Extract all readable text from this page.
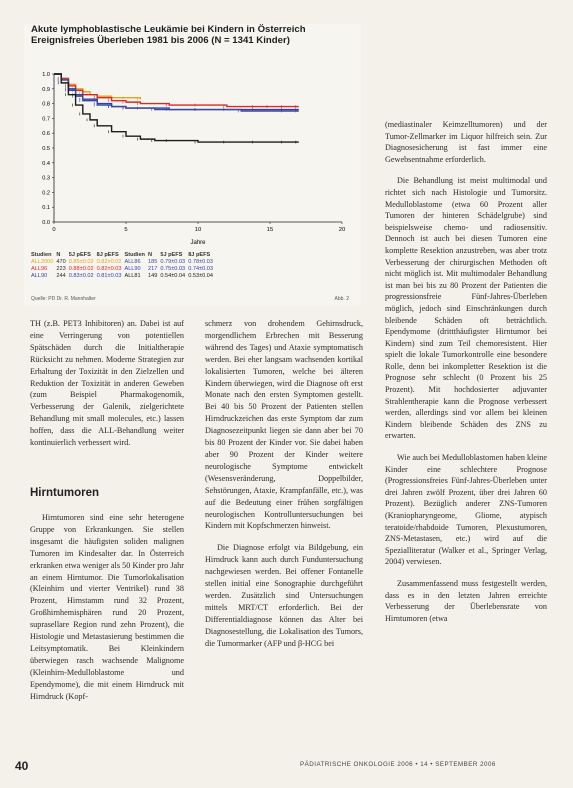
Akute lymphoblastische Leukämie bei Kindern in Österreich
Ereignisfreies Überleben 1981 bis 2006 (N = 1341 Kinder)
0.0
0.1
0.2
0.3
0.4
0.5
0.6
0.7
0.8
0.9
1.0
0	5	10	15	20
Jahre
Studien	N	5J pEFS	8J pEFS	Studien	N	5J pEFS	8J pEFS
ALL2000	470	0.85±0.02	0.82±0.02	ALL86	185	0.79±0.03	0.78±0.03
ALL96	223	0.88±0.02	0.82±0.03	ALL90	217	0.75±0.03	0.74±0.03
ALL90	244	0.83±0.02	0.81±0.03	ALL81	149	0.54±0.04	0.53±0.04
Quelle: PD Dr. R. Mannhalter	Abb. 2

(mediastinaler Keimzelltumoren) und der Tumor-Zellmarker im Liquor hilfreich sein. Zur Diagnosesicherung ist fast immer eine Gewebsentnahme erforderlich.

Die Behandlung ist meist multimodal und richtet sich nach Histologie und Tumorsitz. Medulloblastome (etwa 60 Prozent aller Tumoren der hinteren Schädelgrube) sind beispielsweise chemo- und radiosensitiv. Dennoch ist auch bei diesen Tumoren eine komplette Resektion anzustreben, was aber trotz Verbesserung der chirurgischen Methoden oft nicht möglich ist. Mit multimodaler Behandlung ist man bei bis zu 80 Prozent der Patienten die progressionsfreie Fünf-Jahres-Überleben möglich, jedoch sind Einschränkungen durch bleibende Schäden oft beträchtlich. Ependymome (drittthäufigster Hirntumor bei Kindern) sind zum Teil chemoresistent. Hier spielt die lokale Tumorkontrolle eine besondere Rolle, denn bei inkompletter Resektion ist die Prognose sehr schlecht (0 Prozent bis 25 Prozent). Mit hochdosierter adjuvanter Strahlentherapie kann die Prognose verbessert werden, allerdings sind vor allem bei kleinen Kindern bleibende Schäden des ZNS zu erwarten.

Wie auch bei Medulloblastomen haben kleine Kinder eine schlechtere Prognose (Progressionsfreies Fünf-Jahres-Überleben unter drei Jahren zwölf Prozent, über drei Jahren 60 Prozent). Bezüglich anderer ZNS-Tumoren (Kraniopharyngeome, Gliome, atypisch teratoide/rhabdoide Tumoren, Plexustumoren, ZNS-Metastasen, etc.) wird auf die Spezialliteratur (Walker et al., Springer Verlag, 2004) verwiesen.

Zusammenfassend muss festgestellt werden, dass es in den letzten Jahren erreichte Verbesserung der Überlebensrate von Hirntumoren (etwa

TH (z.B. PET3 Inhibitoren) an. Dabei ist auf eine Verringerung von potentiellen Spätschäden durch die Initialtherapie Rücksicht zu nehmen. Moderne Strategien zur Erhaltung der Toxizität in den Zielzellen und Reduktion der Toxizität in anderen Geweben (zum Beispiel Pharmakogenomik, Verbesserung der Galenik, zielgerichtete Behandlung mit small molecules, etc.) lassen hoffen, dass die ALL-Behandlung weiter kontinuierlich verbessert wird.

Hirntumoren

Hirntumoren sind eine sehr heterogene Gruppe von Erkrankungen. Sie stellen insgesamt die häufigsten soliden malignen Tumoren im Kindesalter dar. In Österreich erkranken etwa weniger als 50 Kinder pro Jahr an einem Hirntumor. Die Tumorlokalisation (Kleinhirn und vierter Ventrikel) rund 38 Prozent, Hirnstamm rund 32 Prozent, Großhirnhemisphären rund 20 Prozent, suprasellare Region rund zehn Prozent), die Histologie und Metastasierung bestimmen die Leitsymptomatik. Bei Kleinkindern überwiegen rasch wachsende Malignome (Kleinhirn-Medulloblastome und Ependymome), die mit einem Hirndruck mit Hirndruck (Kopf-

schmerz von drohendem Gehirnsdruck, morgendlichem Erbrechen mit Besserung während des Tages) und Ataxie symptomatisch werden. Bei eher langsam wachsenden kortikal lokalisierten Tumoren, welche bei älteren Kindern überwiegen, wird die Diagnose oft erst Monate nach den ersten Symptomen gestellt. Bei 40 bis 50 Prozent der Patienten stellen Hirndruckzeichen das erste Symptom dar zum Diagnosezeitpunkt liegen sie dann aber bei 70 bis 80 Prozent der Kinder vor. Sie dabei haben aber 90 Prozent der Kinder weitere neurologische Symptome entwickelt (Wesensveränderung, Doppelbilder, Sehstörungen, Ataxie, Krampfanfälle, etc.), was auf die Bedeutung einer frühen sorgfältigen neurologischen Kontrolluntersuchungen bei Kindern mit Kopfschmerzen hinweist.

Die Diagnose erfolgt via Bildgebung, ein Hirndruck kann auch durch Funduntersuchung nachgewiesen werden. Bei offener Fontanelle stellen initial eine Sonographie durchgeführt werden. Zusätzlich sind Untersuchungen mittels MRT/CT erforderlich. Bei der Differentialdiagnose können das Alter bei Diagnosestellung, die Lokalisation des Tumors, die Tumormarker (AFP und β-HCG bei

40	PÄDIATRISCHE ONKOLOGIE 2006 • 14 • SEPTEMBER 2006
